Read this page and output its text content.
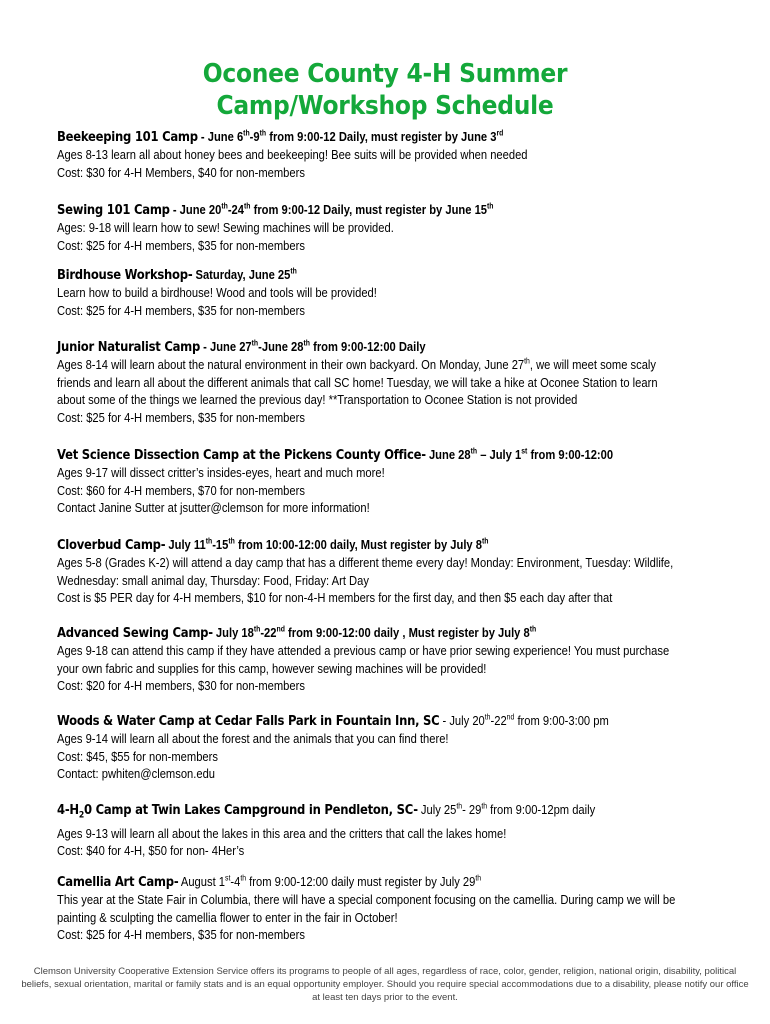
Oconee County 4-H Summer
Camp/Workshop Schedule
Beekeeping 101 Camp - June 6th-9th from 9:00-12 Daily, must register by June 3rd
Ages 8-13 learn all about honey bees and beekeeping! Bee suits will be provided when needed
Cost: $30 for 4-H Members, $40 for non-members
Sewing 101 Camp - June 20th-24th from 9:00-12 Daily, must register by June 15th
Ages: 9-18 will learn how to sew! Sewing machines will be provided.
Cost: $25 for 4-H members, $35 for non-members
Birdhouse Workshop- Saturday, June 25th
Learn how to build a birdhouse! Wood and tools will be provided!
Cost: $25 for 4-H members, $35 for non-members
Junior Naturalist Camp - June 27th-June 28th from 9:00-12:00 Daily
Ages 8-14 will learn about the natural environment in their own backyard. On Monday, June 27th, we will meet some scaly
friends and learn all about the different animals that call SC home! Tuesday, we will take a hike at Oconee Station to learn
about some of the things we learned the previous day! **Transportation to Oconee Station is not provided
Cost: $25 for 4-H members, $35 for non-members
Vet Science Dissection Camp at the Pickens County Office- June 28th – July 1st from 9:00-12:00
Ages 9-17 will dissect critter’s insides-eyes, heart and much more!
Cost: $60 for 4-H members, $70 for non-members
Contact Janine Sutter at jsutter@clemson for more information!
Cloverbud Camp- July 11th-15th from 10:00-12:00 daily, Must register by July 8th
Ages 5-8 (Grades K-2) will attend a day camp that has a different theme every day! Monday: Environment, Tuesday: Wildlife,
Wednesday: small animal day, Thursday: Food, Friday: Art Day
Cost is $5 PER day for 4-H members, $10 for non-4-H members for the first day, and then $5 each day after that
Advanced Sewing Camp- July 18th-22nd from 9:00-12:00 daily , Must register by July 8th
Ages 9-18 can attend this camp if they have attended a previous camp or have prior sewing experience! You must purchase
your own fabric and supplies for this camp, however sewing machines will be provided!
Cost: $20 for 4-H members, $30 for non-members
Woods & Water Camp at Cedar Falls Park in Fountain Inn, SC - July 20th-22nd from 9:00-3:00 pm
Ages 9-14 will learn all about the forest and the animals that you can find there!
Cost: $45, $55 for non-members
Contact: pwhiten@clemson.edu
$4-H_20$ Camp at Twin Lakes Campground in Pendleton, SC- July 25th- 29th from 9:00-12pm daily
Ages 9-13 will learn all about the lakes in this area and the critters that call the lakes home!
Cost: $40 for 4-H, $50 for non- 4Her’s
Camellia Art Camp- August 1st-4th from 9:00-12:00 daily must register by July 29th
This year at the State Fair in Columbia, there will have a special component focusing on the camellia. During camp we will be
painting & sculpting the camellia flower to enter in the fair in October!
Cost: $25 for 4-H members, $35 for non-members
Clemson University Cooperative Extension Service offers its programs to people of all ages, regardless of race, color, gender, religion, national origin, disability, political beliefs, sexual orientation, marital or family stats and is an equal opportunity employer. Should you require special accommodations due to a disability, please notify our office at least ten days prior to the event.
